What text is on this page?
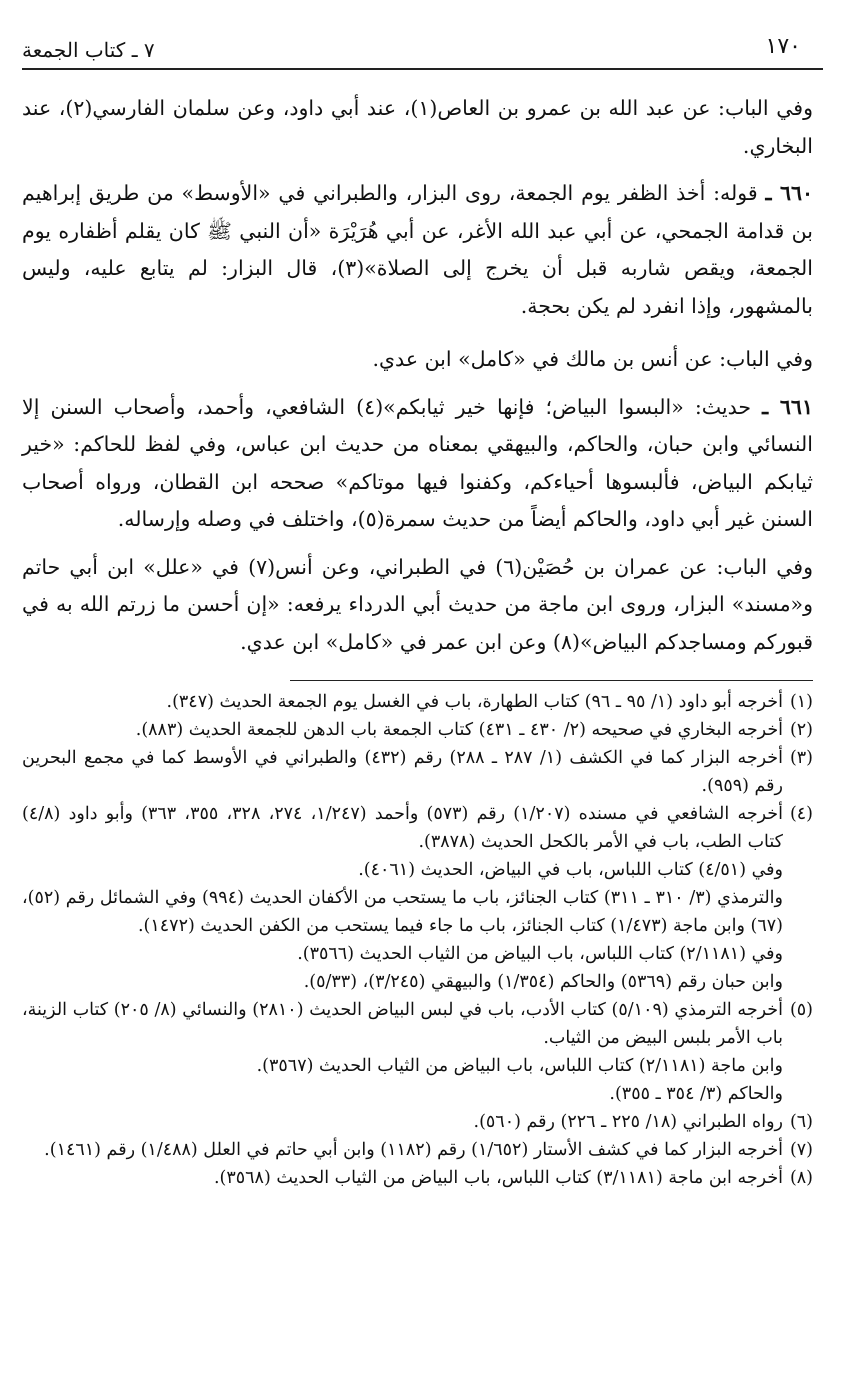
١٧٠
٧ ـ كتاب الجمعة

وفي الباب: عن عبد الله بن عمرو بن العاص(١)، عند أبي داود، وعن سلمان الفارسي(٢)، عند البخاري.

٦٦٠ ـ قوله: أخذ الظفر يوم الجمعة، روى البزار، والطبراني في «الأوسط» من طريق إبراهيم بن قدامة الجمحي، عن أبي عبد الله الأغر، عن أبي هُرَيْرَة «أن النبي ﷺ كان يقلم أظفاره يوم الجمعة، ويقص شاربه قبل أن يخرج إلى الصلاة»(٣)، قال البزار: لم يتابع عليه، وليس بالمشهور، وإذا انفرد لم يكن بحجة.

وفي الباب: عن أنس بن مالك في «كامل» ابن عدي.

٦٦١ ـ حديث: «البسوا البياض؛ فإنها خير ثيابكم»(٤) الشافعي، وأحمد، وأصحاب السنن إلا النسائي وابن حبان، والحاكم، والبيهقي بمعناه من حديث ابن عباس، وفي لفظ للحاكم: «خير ثيابكم البياض، فألبسوها أحياءكم، وكفنوا فيها موتاكم» صححه ابن القطان، ورواه أصحاب السنن غير أبي داود، والحاكم أيضاً من حديث سمرة(٥)، واختلف في وصله وإرساله.

وفي الباب: عن عمران بن حُصَيْن(٦) في الطبراني، وعن أنس(٧) في «علل» ابن أبي حاتم و«مسند» البزار، وروى ابن ماجة من حديث أبي الدرداء يرفعه: «إن أحسن ما زرتم الله به في قبوركم ومساجدكم البياض»(٨) وعن ابن عمر في «كامل» ابن عدي.

(١)

أخرجه أبو داود (١/ ٩٥ ـ ٩٦) كتاب الطهارة، باب في الغسل يوم الجمعة الحديث (٣٤٧).

(٢)

أخرجه البخاري في صحيحه (٢/ ٤٣٠ ـ ٤٣١) كتاب الجمعة باب الدهن للجمعة الحديث (٨٨٣).

(٣)

أخرجه البزار كما في الكشف (١/ ٢٨٧ ـ ٢٨٨) رقم (٤٣٢) والطبراني في الأوسط كما في مجمع البحرين رقم (٩٥٩).

(٤)

أخرجه الشافعي في مسنده (١/٢٠٧) رقم (٥٧٣) وأحمد (١/٢٤٧، ٢٧٤، ٣٢٨، ٣٥٥، ٣٦٣) وأبو داود (٤/٨) كتاب الطب، باب في الأمر بالكحل الحديث (٣٨٧٨).

وفي (٤/٥١) كتاب اللباس، باب في البياض، الحديث (٤٠٦١).

والترمذي (٣/ ٣١٠ ـ ٣١١) كتاب الجنائز، باب ما يستحب من الأكفان الحديث (٩٩٤) وفي الشمائل رقم (٥٢)، (٦٧) وابن ماجة (١/٤٧٣) كتاب الجنائز، باب ما جاء فيما يستحب من الكفن الحديث (١٤٧٢).

وفي (٢/١١٨١) كتاب اللباس، باب البياض من الثياب الحديث (٣٥٦٦).

وابن حبان رقم (٥٣٦٩) والحاكم (١/٣٥٤) والبيهقي (٣/٢٤٥)، (٥/٣٣).

(٥)

أخرجه الترمذي (٥/١٠٩) كتاب الأدب، باب في لبس البياض الحديث (٢٨١٠) والنسائي (٨/ ٢٠٥) كتاب الزينة، باب الأمر بلبس البيض من الثياب.

وابن ماجة (٢/١١٨١) كتاب اللباس، باب البياض من الثياب الحديث (٣٥٦٧).

والحاكم (٣/ ٣٥٤ ـ ٣٥٥).

(٦)

رواه الطبراني (١٨/ ٢٢٥ ـ ٢٢٦) رقم (٥٦٠).

(٧)

أخرجه البزار كما في كشف الأستار (١/٦٥٢) رقم (١١٨٢) وابن أبي حاتم في العلل (١/٤٨٨) رقم (١٤٦١).

(٨)

أخرجه ابن ماجة (٣/١١٨١) كتاب اللباس، باب البياض من الثياب الحديث (٣٥٦٨).
